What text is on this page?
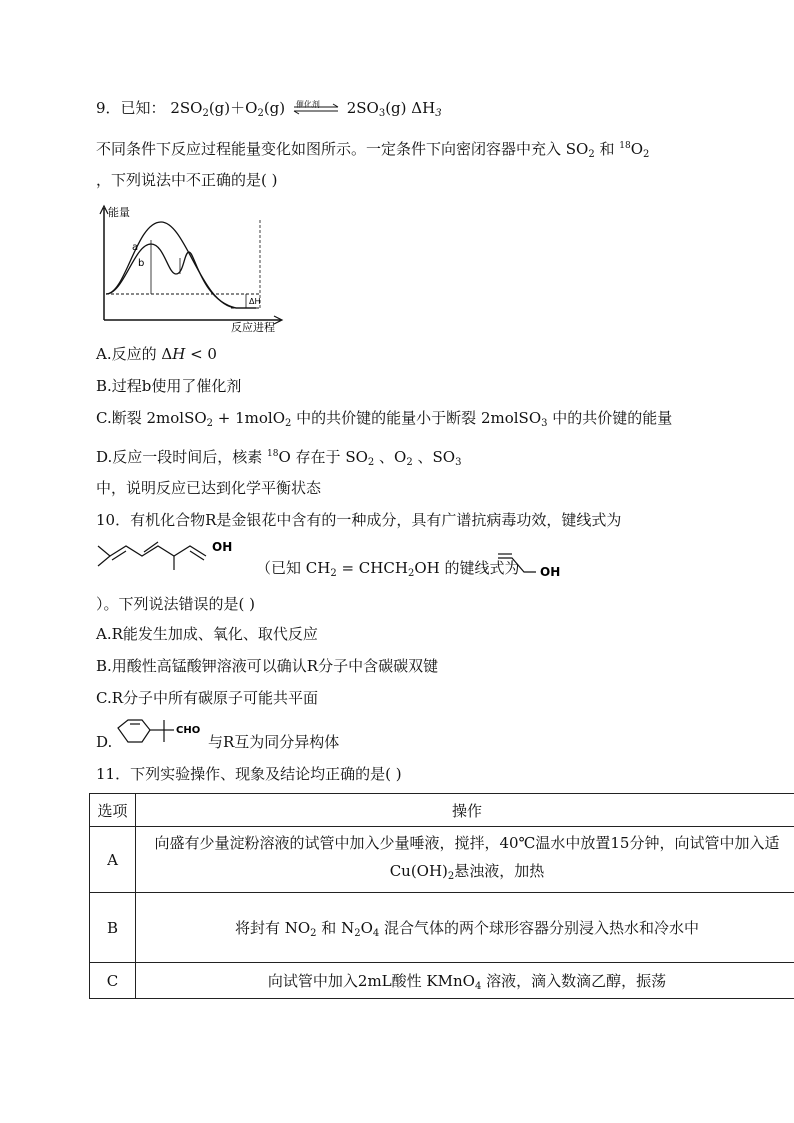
9．已知： $2SO_2(g)+O_2(g)$ 催化剂 $2SO_3(g)$ $\Delta H_3$
不同条件下反应过程能量变化如图所示。一定条件下向密闭容器中充入 $SO_2$ 和 $^{18}O_2$
，下列说法中不正确的是( )
能量
反应进程
a
b
ΔH
A.反应的 ΔH < 0
B.过程b使用了催化剂
C.断裂 2molSO$_2$ + 1molO$_2$ 中的共价键的能量小于断裂 2molSO$_3$ 中的共价键的能量
D.反应一段时间后，核素 $^{18}$O 存在于 $SO_2$ 、$O_2$ 、$SO_3$
中，说明反应已达到化学平衡状态
10．有机化合物R是金银花中含有的一种成分，具有广谱抗病毒功效，键线式为
OH
（已知 $CH_2$ = $CHCH_2OH$ 的键线式为 OH
）。下列说法错误的是( )
A.R能发生加成、氧化、取代反应
B.用酸性高锰酸钾溶液可以确认R分子中含碳碳双键
C.R分子中所有碳原子可能共平面
D.
CHO
与R互为同分异构体
11．下列实验操作、现象及结论均正确的是( )
选项	操作
A	向盛有少量淀粉溶液的试管中加入少量唾液，搅拌，40℃温水中放置15分钟，向试管中加入适
$Cu(OH)_2$悬浊液，加热

B	将封有 $NO_2$ 和 $N_2O_4$ 混合气体的两个球形容器分别浸入热水和冷水中
C	向试管中加入2mL酸性 KMnO$_4$ 溶液，滴入数滴乙醇，振荡
